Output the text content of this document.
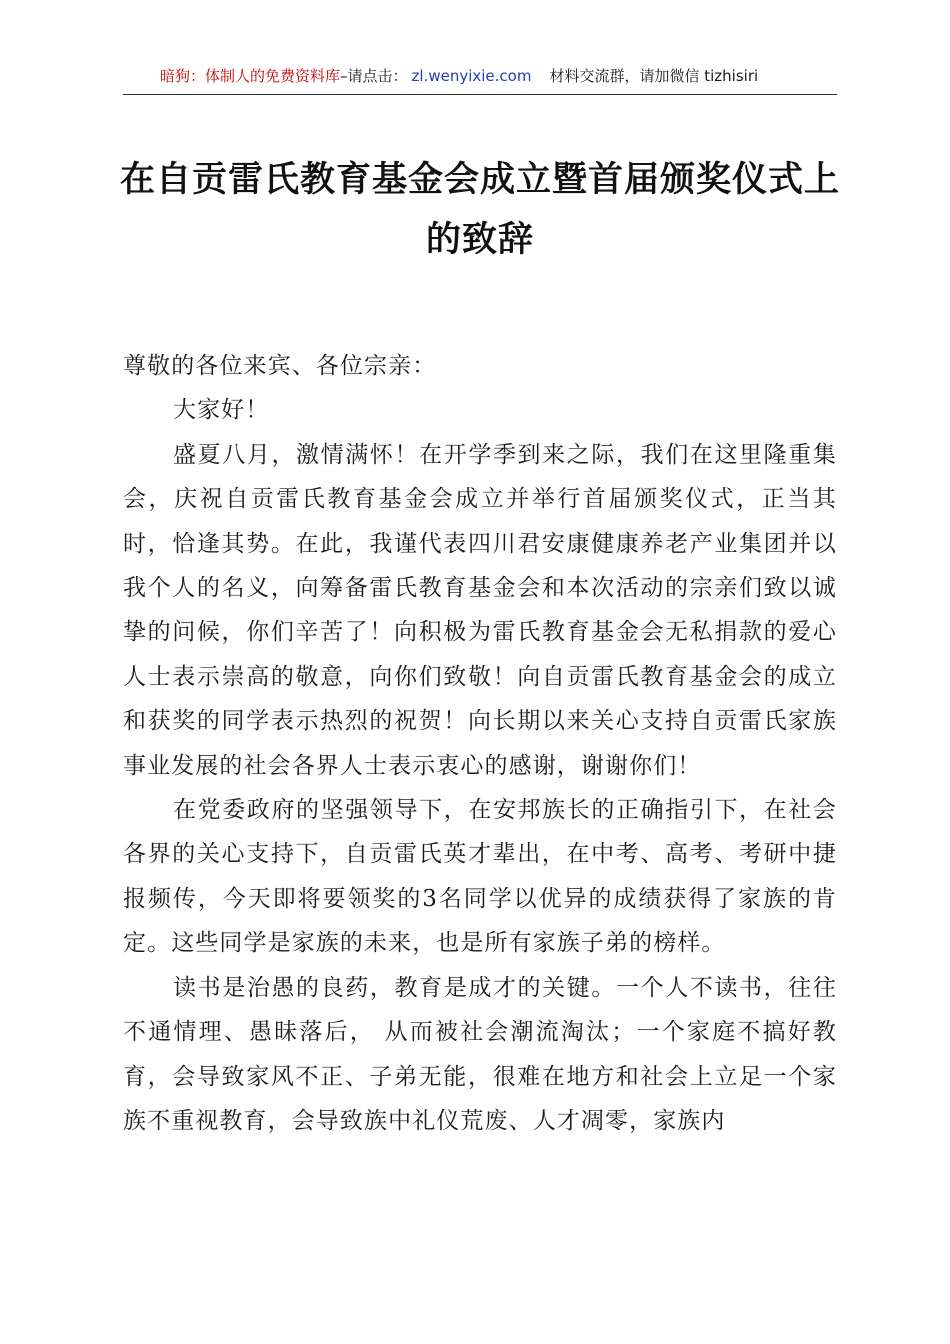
暗狗：体制人的免费资料库–请点击： zl.wenyixie.com 材料交流群，请加微信 tizhisiri
在自贡雷氏教育基金会成立暨首届颁奖仪式上的致辞

尊敬的各位来宾、各位宗亲：

大家好！

盛夏八月，激情满怀！在开学季到来之际，我们在这里隆重集会，庆祝自贡雷氏教育基金会成立并举行首届颁奖仪式，正当其时，恰逢其势。在此，我谨代表四川君安康健康养老产业集团并以我个人的名义，向筹备雷氏教育基金会和本次活动的宗亲们致以诚挚的问候，你们辛苦了！向积极为雷氏教育基金会无私捐款的爱心人士表示崇高的敬意，向你们致敬！向自贡雷氏教育基金会的成立和获奖的同学表示热烈的祝贺！向长期以来关心支持自贡雷氏家族事业发展的社会各界人士表示衷心的感谢，谢谢你们！

在党委政府的坚强领导下，在安邦族长的正确指引下，在社会各界的关心支持下，自贡雷氏英才辈出，在中考、高考、考研中捷报频传，今天即将要领奖的3名同学以优异的成绩获得了家族的肯定。这些同学是家族的未来，也是所有家族子弟的榜样。

读书是治愚的良药，教育是成才的关键。一个人不读书，往往不通情理、愚昧落后， 从而被社会潮流淘汰；一个家庭不搞好教育，会导致家风不正、子弟无能，很难在地方和社会上立足一个家族不重视教育，会导致族中礼仪荒废、人才凋零，家族内
